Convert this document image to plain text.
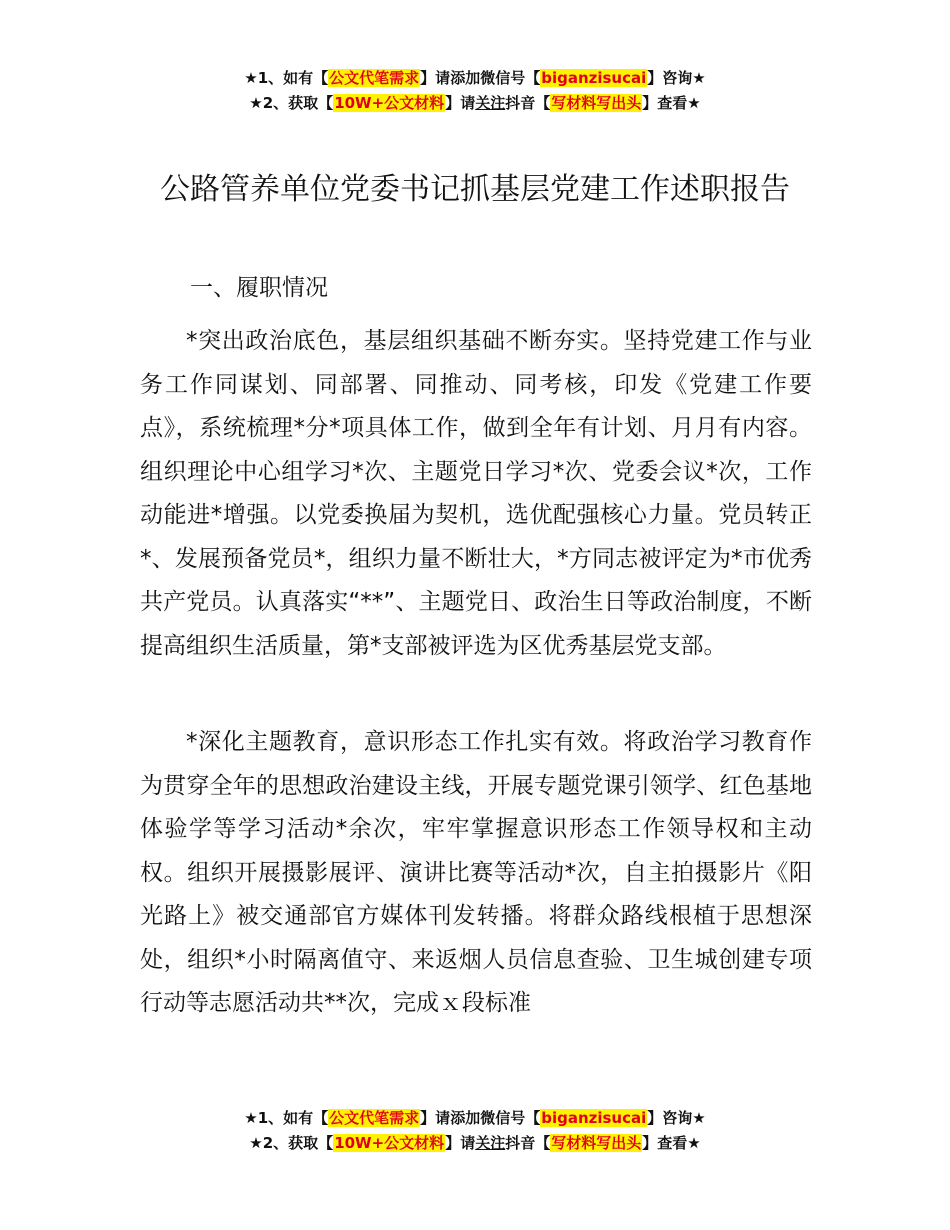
★1、如有【公文代笔需求】请添加微信号【biganzisucai】咨询★
★2、获取【10W+公文材料】请关注抖音【写材料写出头】查看★
公路管养单位党委书记抓基层党建工作述职报告
一、履职情况

*突出政治底色，基层组织基础不断夯实。坚持党建工作与业务工作同谋划、同部署、同推动、同考核，印发《党建工作要点》，系统梳理*分*项具体工作，做到全年有计划、月月有内容。组织理论中心组学习*次、主题党日学习*次、党委会议*次，工作动能进*增强。以党委换届为契机，选优配强核心力量。党员转正*、发展预备党员*，组织力量不断壮大，*方同志被评定为*市优秀共产党员。认真落实“**”、主题党日、政治生日等政治制度，不断提高组织生活质量，第*支部被评选为区优秀基层党支部。

*深化主题教育，意识形态工作扎实有效。将政治学习教育作为贯穿全年的思想政治建设主线，开展专题党课引领学、红色基地体验学等学习活动*余次，牢牢掌握意识形态工作领导权和主动权。组织开展摄影展评、演讲比赛等活动*次，自主拍摄影片《阳光路上》被交通部官方媒体刊发转播。将群众路线根植于思想深处，组织*小时隔离值守、来返烟人员信息查验、卫生城创建专项行动等志愿活动共**次，完成ｘ段标准

★1、如有【公文代笔需求】请添加微信号【biganzisucai】咨询★
★2、获取【10W+公文材料】请关注抖音【写材料写出头】查看★
